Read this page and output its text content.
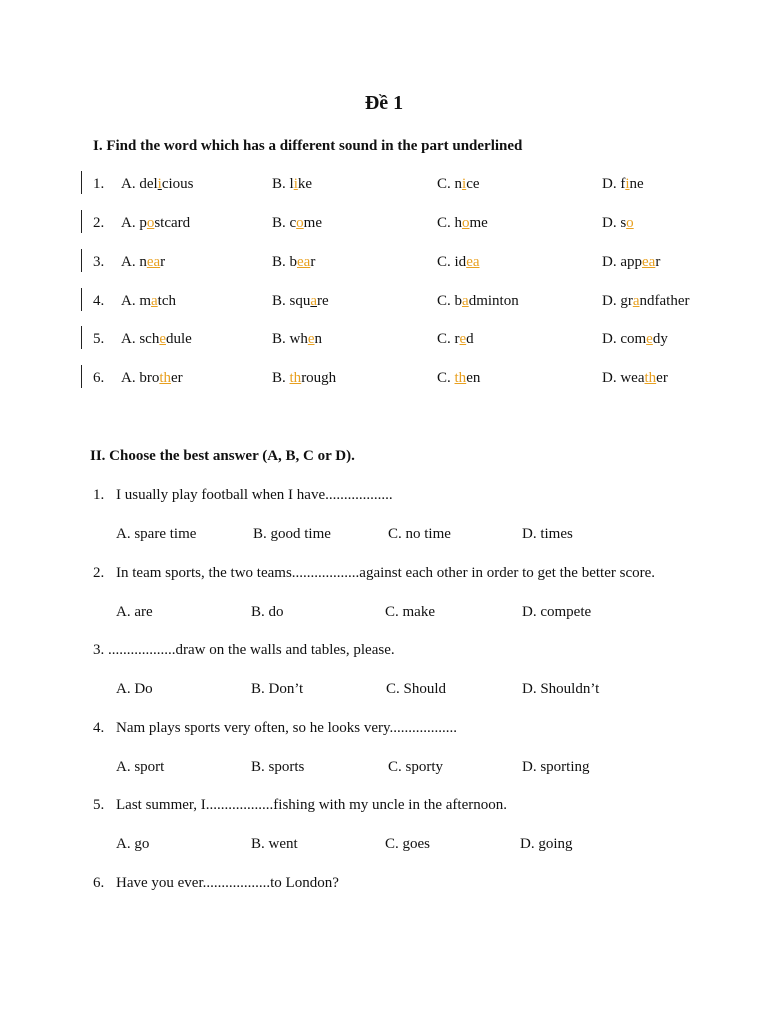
Đề 1
I. Find the word which has a different sound in the part underlined
1. A. delicious	B. like	C. nice	D. fine
2. A. postcard	B. come	C. home	D. so
3. A. near	B. bear	C. idea	D. appear
4. A. match	B. square	C. badminton	D. grandfather
5. A. schedule	B. when	C. red	D. comedy
6. A. brother	B. through	C. then	D. weather
II. Choose the best answer (A, B, C or D).
1. I usually play football when I have..................
A. spare time	B. good time	C. no time	D. times
2. In team sports, the two teams..................against each other in order to get the better score.
A. are	B. do	C. make	D. compete
3. ..................draw on the walls and tables, please.
A. Do	B. Don’t	C. Should	D. Shouldn’t
4. Nam plays sports very often, so he looks very..................
A. sport	B. sports	C. sporty	D. sporting
5. Last summer, I..................fishing with my uncle in the afternoon.
A. go	B. went	C. goes	D. going
6. Have you ever..................to London?
